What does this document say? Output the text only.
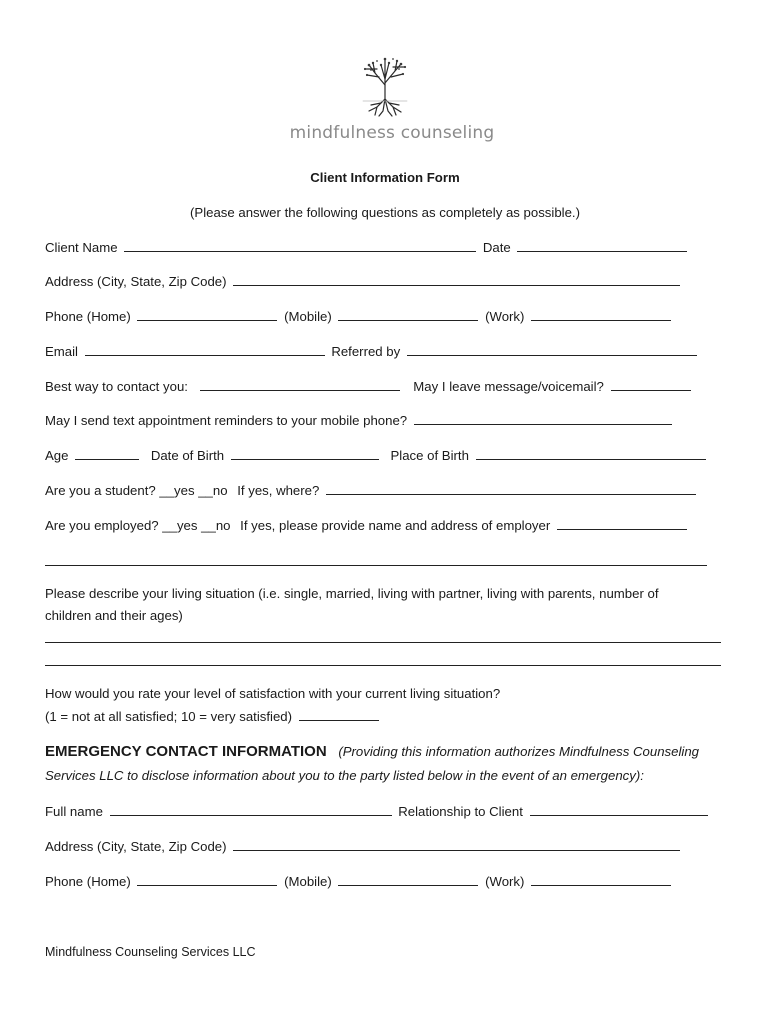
mindfulness counseling
Client Information Form
(Please answer the following questions as completely as possible.)
Client Name	Date
Address (City, State, Zip Code)
Phone (Home)	(Mobile)	(Work)
Email	Referred by
Best way to contact you:	May I leave message/voicemail?
May I send text appointment reminders to your mobile phone?
Age	Date of Birth	Place of Birth
Are you a student? __yes __no If yes, where?
Are you employed? __yes __no If yes, please provide name and address of employer
Please describe your living situation (i.e. single, married, living with partner, living with parents, number of
children and their ages)
How would you rate your level of satisfaction with your current living situation?
(1 = not at all satisfied; 10 = very satisfied)
EMERGENCY CONTACT INFORMATION (Providing this information authorizes Mindfulness Counseling
Services LLC to disclose information about you to the party listed below in the event of an emergency):
Full name	Relationship to Client
Address (City, State, Zip Code)
Phone (Home)	(Mobile)	(Work)
Mindfulness Counseling Services LLC
